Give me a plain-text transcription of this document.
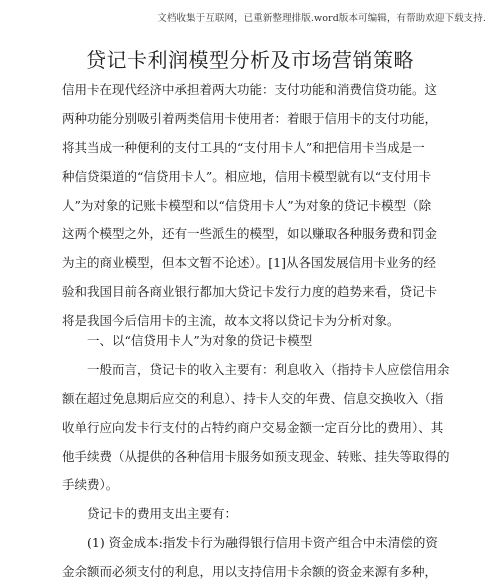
文档收集于互联网，已重新整理排版.word版本可编辑，有帮助欢迎下载支持.
贷记卡利润模型分析及市场营销策略
信用卡在现代经济中承担着两大功能：支付功能和消费信贷功能。这
两种功能分别吸引着两类信用卡使用者：着眼于信用卡的支付功能，
将其当成一种便利的支付工具的“支付用卡人”和把信用卡当成是一
种信贷渠道的“信贷用卡人”。相应地，信用卡模型就有以“支付用卡
人”为对象的记账卡模型和以“信贷用卡人”为对象的贷记卡模型（除
这两个模型之外，还有一些派生的模型，如以赚取各种服务费和罚金
为主的商业模型，但本文暂不论述）。[1]从各国发展信用卡业务的经
验和我国目前各商业银行都加大贷记卡发行力度的趋势来看，贷记卡
将是我国今后信用卡的主流，故本文将以贷记卡为分析对象。
一、以“信贷用卡人”为对象的贷记卡模型
一般而言，贷记卡的收入主要有：利息收入（指持卡人应偿信用余
额在超过免息期后应交的利息）、持卡人交的年费、信息交换收入（指
收单行应向发卡行支付的占特约商户交易金额一定百分比的费用）、其
他手续费（从提供的各种信用卡服务如预支现金、转账、挂失等取得的
手续费）。
贷记卡的费用支出主要有：
(1) 资金成本:指发卡行为融得银行信用卡资产组合中未清偿的资
金余额而必须支付的利息，用以支持信用卡余额的资金来源有多种，
